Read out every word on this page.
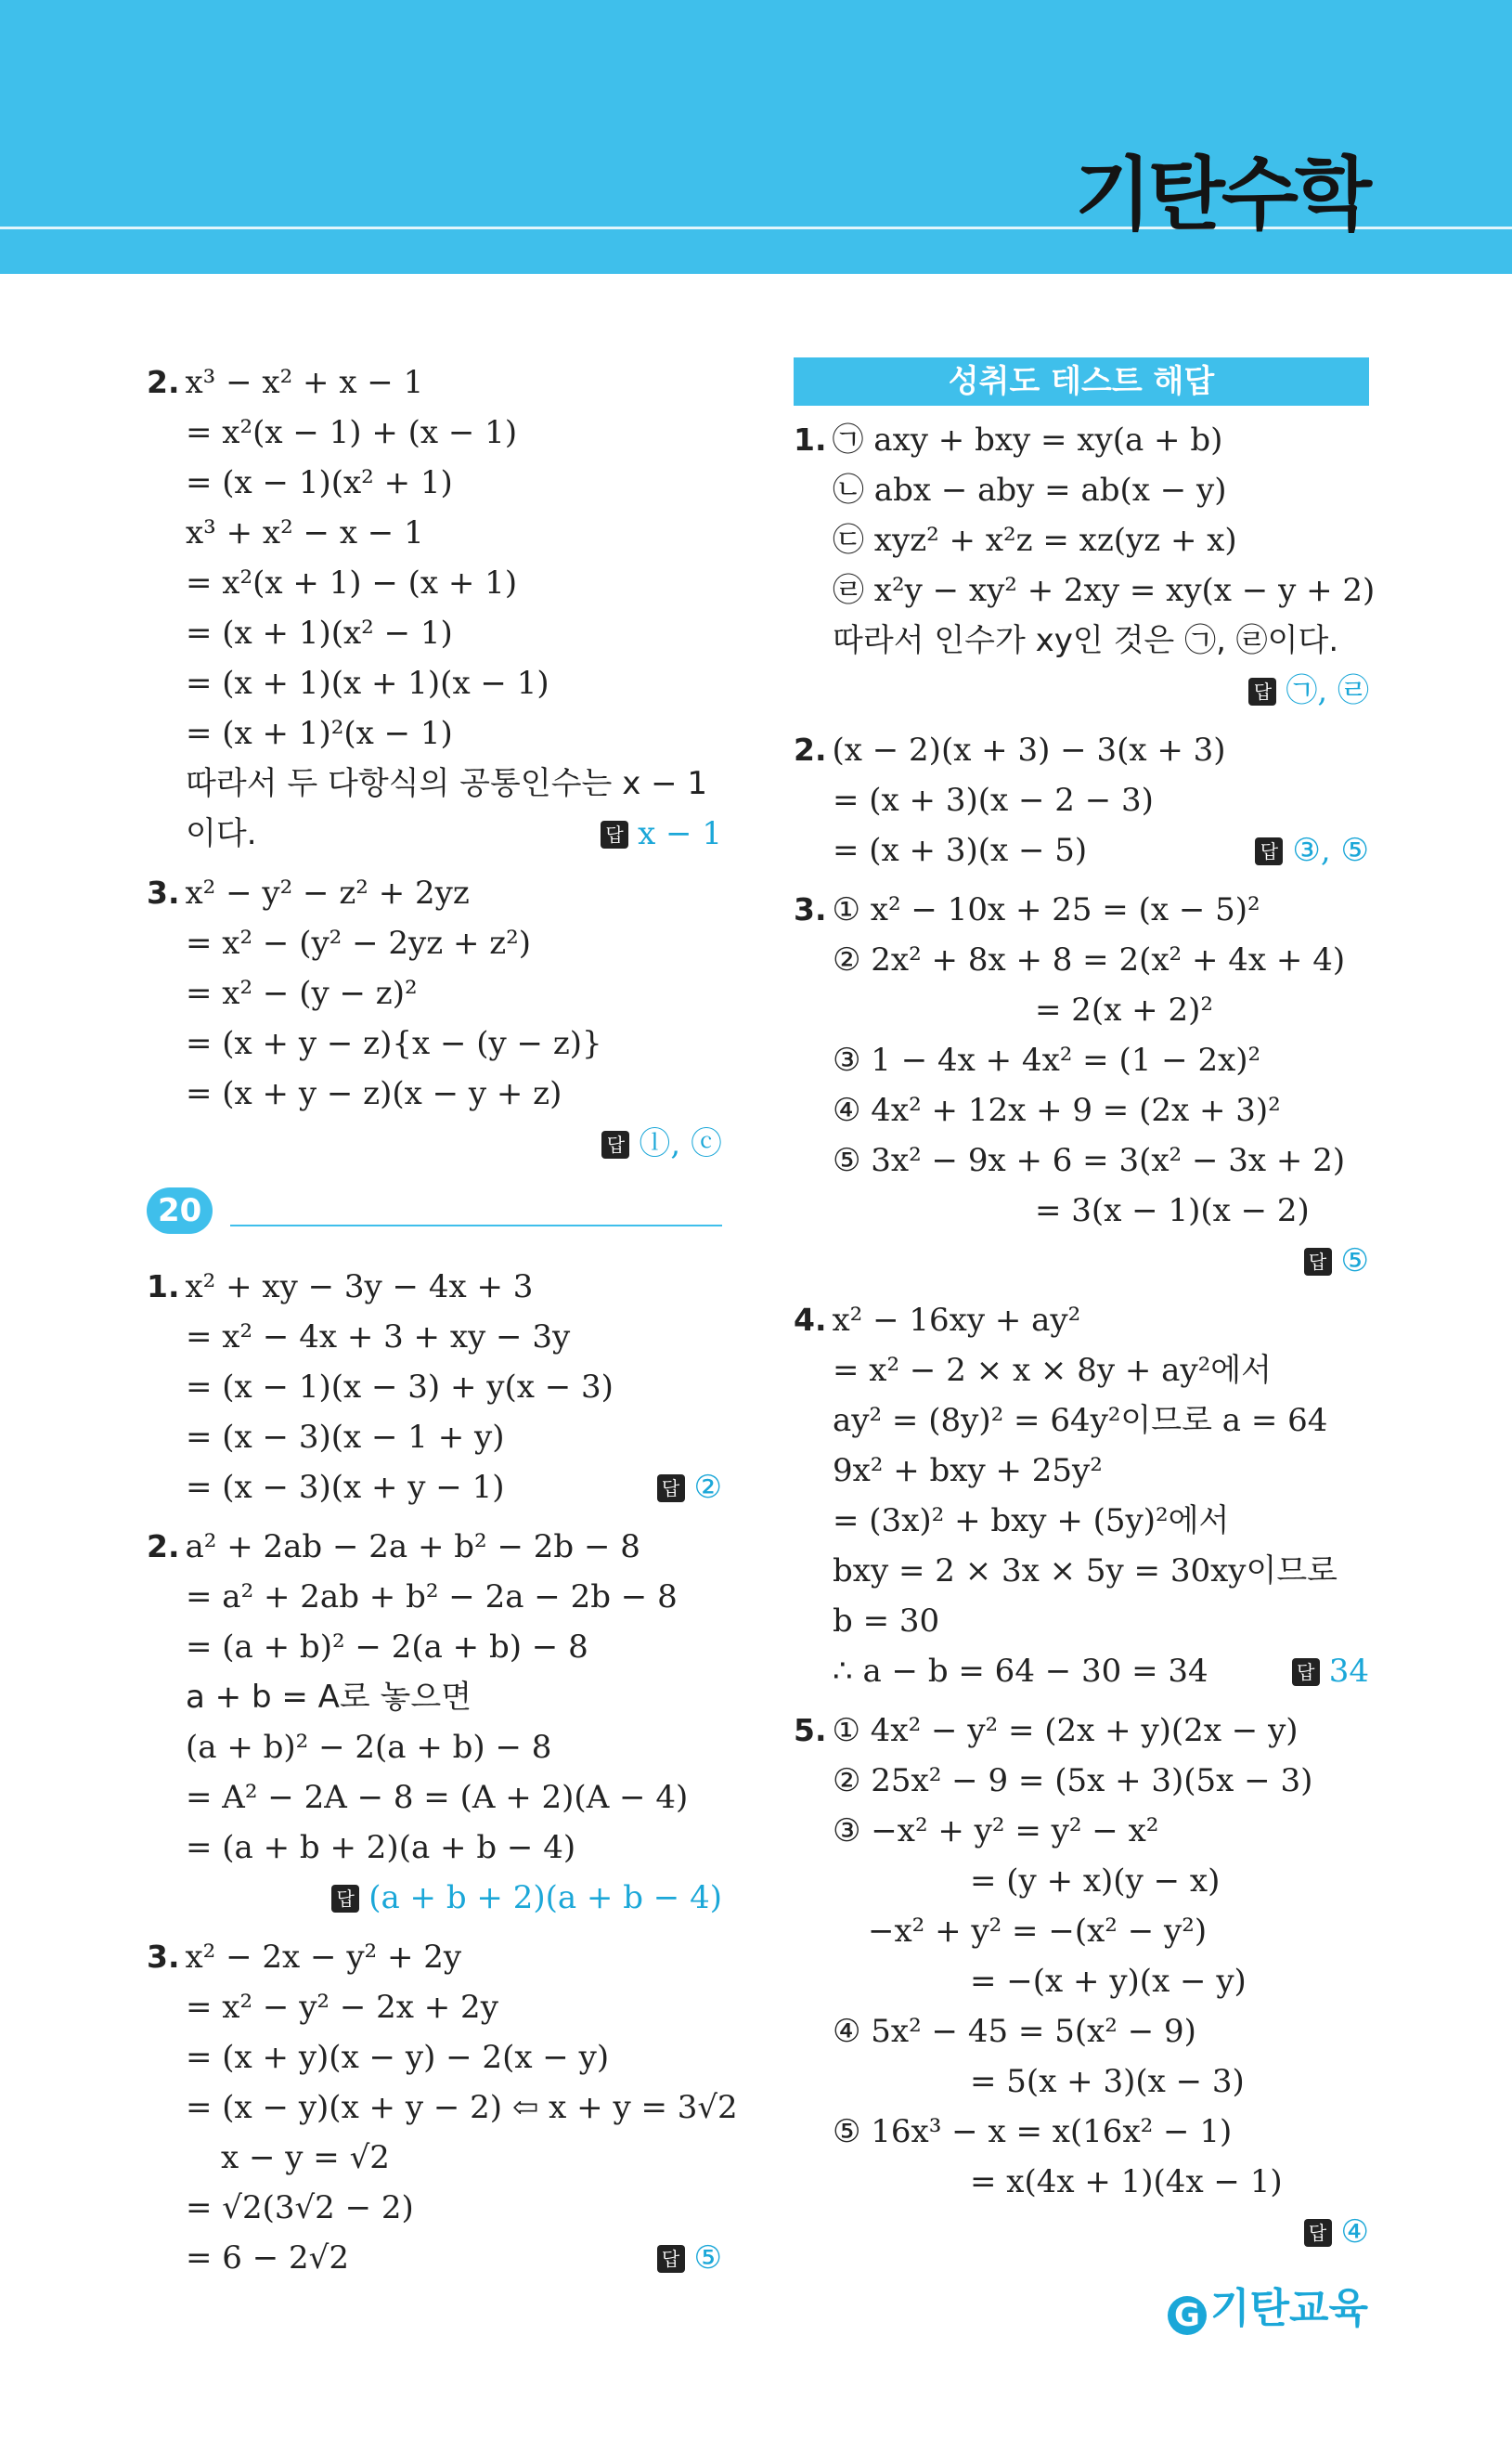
기탄수학
2. x³ − x² + x − 1
= x²(x − 1) + (x − 1)
= (x − 1)(x² + 1)
x³ + x² − x − 1
= x²(x + 1) − (x + 1)
= (x + 1)(x² − 1)
= (x + 1)(x + 1)(x − 1)
= (x + 1)²(x − 1)
따라서 두 다항식의 공통인수는 x − 1
이다.	답 x − 1
3. x² − y² − z² + 2yz
= x² − (y² − 2yz + z²)
= x² − (y − z)²
= (x + y − z){x − (y − z)}
= (x + y − z)(x − y + z)
답 ⓛ, ⓒ
20
1. x² + xy − 3y − 4x + 3
= x² − 4x + 3 + xy − 3y
= (x − 1)(x − 3) + y(x − 3)
= (x − 3)(x − 1 + y)
= (x − 3)(x + y − 1)	답 ②
2. a² + 2ab − 2a + b² − 2b − 8
= a² + 2ab + b² − 2a − 2b − 8
= (a + b)² − 2(a + b) − 8
a + b = A로 놓으면
(a + b)² − 2(a + b) − 8
= A² − 2A − 8 = (A + 2)(A − 4)
= (a + b + 2)(a + b − 4)
답 (a + b + 2)(a + b − 4)
3. x² − 2x − y² + 2y
= x² − y² − 2x + 2y
= (x + y)(x − y) − 2(x − y)
= (x − y)(x + y − 2) ⇦ x + y = 3√2
x − y = √2
= √2(3√2 − 2)
= 6 − 2√2	답 ⑤
성취도 테스트 해답
1. ㉠ axy + bxy = xy(a + b)
㉡ abx − aby = ab(x − y)
㉢ xyz² + x²z = xz(yz + x)
㉣ x²y − xy² + 2xy = xy(x − y + 2)
따라서 인수가 xy인 것은 ㉠, ㉣이다.
답 ㉠, ㉣
2. (x − 2)(x + 3) − 3(x + 3)
= (x + 3)(x − 2 − 3)
= (x + 3)(x − 5)	답 ③, ⑤
3. ① x² − 10x + 25 = (x − 5)²
② 2x² + 8x + 8 = 2(x² + 4x + 4)
= 2(x + 2)²
③ 1 − 4x + 4x² = (1 − 2x)²
④ 4x² + 12x + 9 = (2x + 3)²
⑤ 3x² − 9x + 6 = 3(x² − 3x + 2)
= 3(x − 1)(x − 2)
답 ⑤
4. x² − 16xy + ay²
= x² − 2 × x × 8y + ay²에서
ay² = (8y)² = 64y²이므로 a = 64
9x² + bxy + 25y²
= (3x)² + bxy + (5y)²에서
bxy = 2 × 3x × 5y = 30xy이므로
b = 30
∴ a − b = 64 − 30 = 34	답 34
5. ① 4x² − y² = (2x + y)(2x − y)
② 25x² − 9 = (5x + 3)(5x − 3)
③ −x² + y² = y² − x²
= (y + x)(y − x)
−x² + y² = −(x² − y²)
= −(x + y)(x − y)
④ 5x² − 45 = 5(x² − 9)
= 5(x + 3)(x − 3)
⑤ 16x³ − x = x(16x² − 1)
= x(4x + 1)(4x − 1)
답 ④
G 기탄교육
